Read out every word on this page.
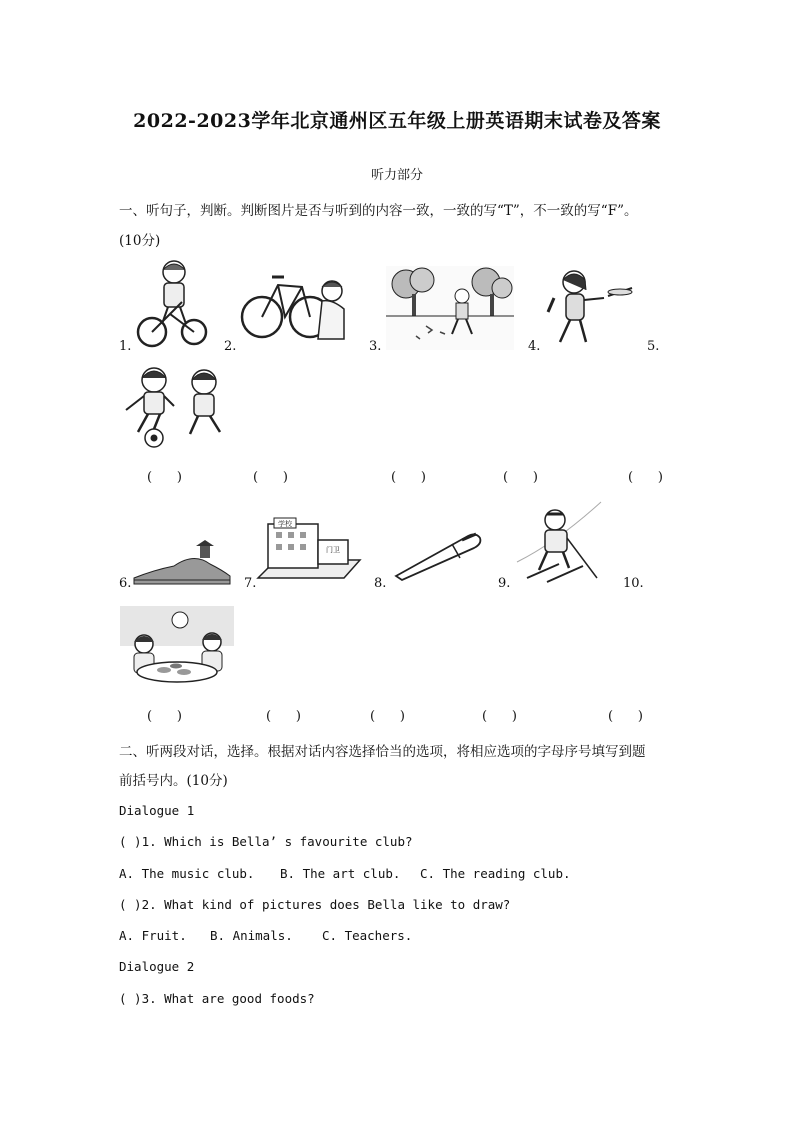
2022-2023学年北京通州区五年级上册英语期末试卷及答案
听力部分
一、听句子，判断。判断图片是否与听到的内容一致，一致的写“T”，不一致的写“F”。
(10分)
1.	2.	3.	4.	5.
(      )	(      )	(      )	(      )	(      )
学校
门卫
6.	7.	8.	9.	10.
(      )	(      )	(      )	(      )	(      )
二、听两段对话，选择。根据对话内容选择恰当的选项，将相应选项的字母序号填写到题
前括号内。(10分)
Dialogue 1
( )1. Which is Bella’ s favourite club?
A. The music club. B. The art club. C. The reading club.
( )2. What kind of pictures does Bella like to draw?
A. Fruit. B. Animals. C. Teachers.
Dialogue 2
( )3. What are good foods?
